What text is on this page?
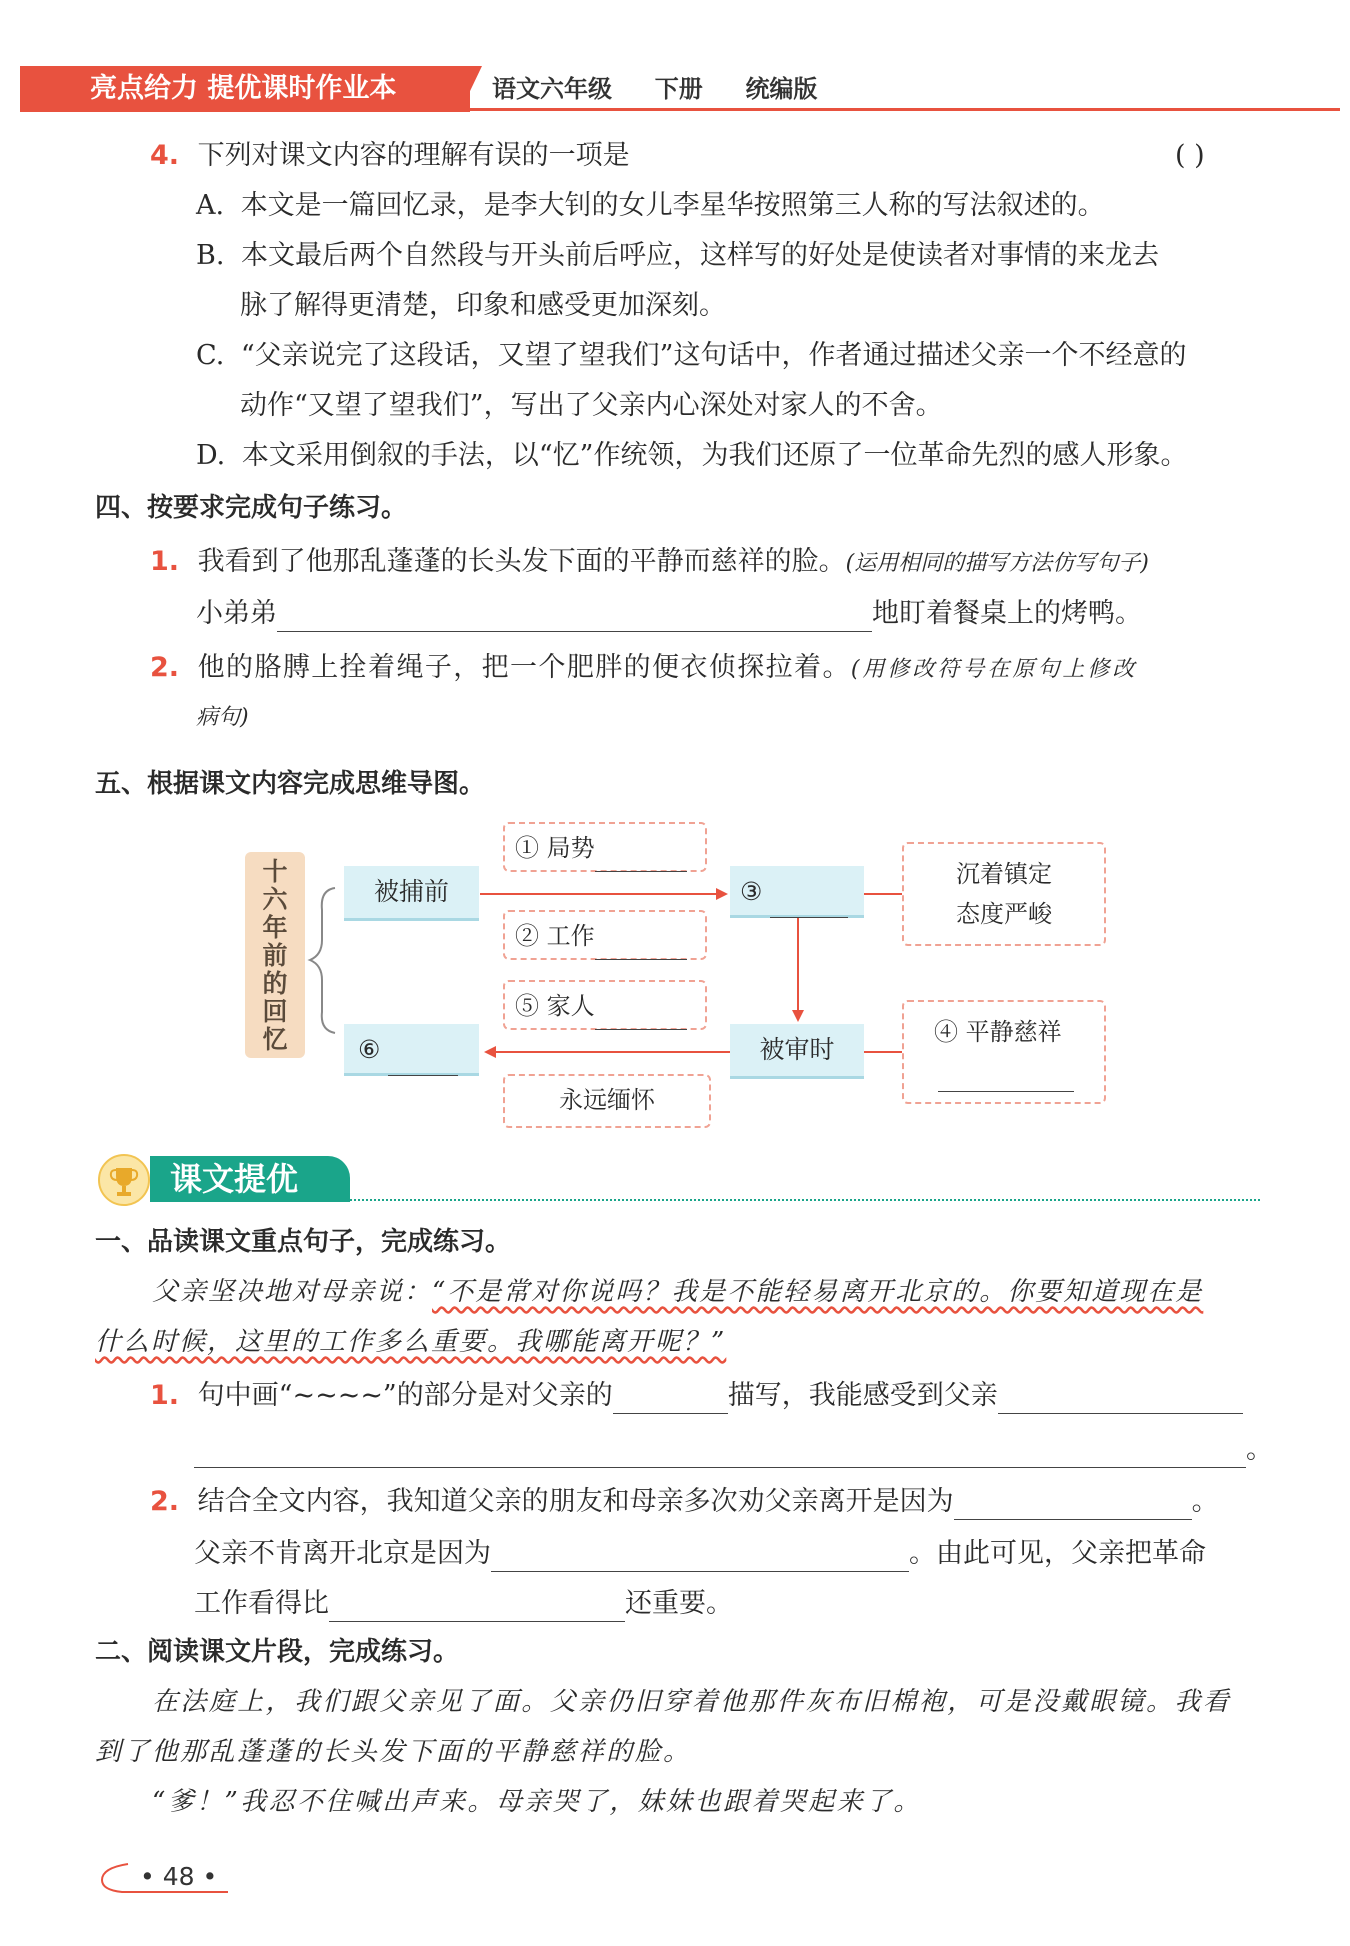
亮点给力 提优课时作业本	语文六年级 下册 统编版
4. 下列对课文内容的理解有误的一项是	( )
A. 本文是一篇回忆录，是李大钊的女儿李星华按照第三人称的写法叙述的。
B. 本文最后两个自然段与开头前后呼应，这样写的好处是使读者对事情的来龙去
脉了解得更清楚，印象和感受更加深刻。
C. “父亲说完了这段话，又望了望我们”这句话中，作者通过描述父亲一个不经意的
动作“又望了望我们”，写出了父亲内心深处对家人的不舍。
D. 本文采用倒叙的手法，以“忆”作统领，为我们还原了一位革命先烈的感人形象。
四、按要求完成句子练习。
1. 我看到了他那乱蓬蓬的长头发下面的平静而慈祥的脸。(运用相同的描写方法仿写句子)
小弟弟	地盯着餐桌上的烤鸭。
2. 他的胳膊上拴着绳子，把一个肥胖的便衣侦探拉着。(用修改符号在原句上修改
病句)
五、根据课文内容完成思维导图。
十
六
年
前
的
回
忆
被捕前	③
被审时
⑥
① 局势
② 工作
⑤ 家人
永远缅怀
沉着镇定
态度严峻
④ 平静慈祥
课文提优
一、品读课文重点句子，完成练习。
父亲坚决地对母亲说：“不是常对你说吗？我是不能轻易离开北京的。你要知道现在是
什么时候，这里的工作多么重要。我哪能离开呢？”
1. 句中画“~~~~”的部分是对父亲的	描写，我能感受到父亲
。
2. 结合全文内容，我知道父亲的朋友和母亲多次劝父亲离开是因为	。
父亲不肯离开北京是因为	。由此可见，父亲把革命
工作看得比	还重要。
二、阅读课文片段，完成练习。
在法庭上，我们跟父亲见了面。父亲仍旧穿着他那件灰布旧棉袍，可是没戴眼镜。我看
到了他那乱蓬蓬的长头发下面的平静慈祥的脸。
“爹！”我忍不住喊出声来。母亲哭了，妹妹也跟着哭起来了。
• 48 •
